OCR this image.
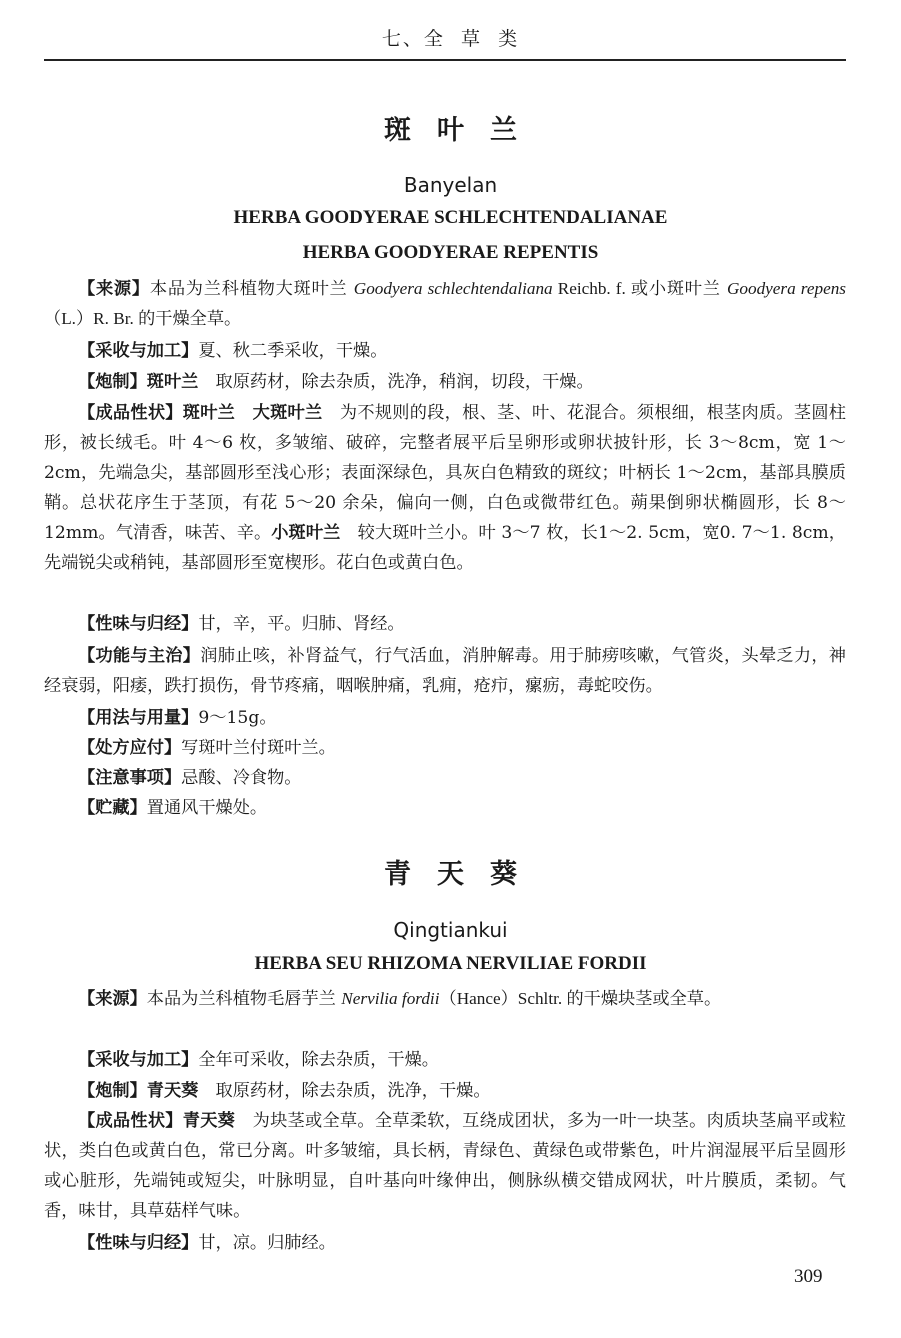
七、全  草  类
斑叶兰
Banyelan
HERBA GOODYERAE SCHLECHTENDALIANAE
HERBA GOODYERAE REPENTIS
【来源】本品为兰科植物大斑叶兰 Goodyera schlechtendaliana Reichb. f. 或小斑叶兰 Goodyera repens（L.）R. Br. 的干燥全草。
【采收与加工】夏、秋二季采收，干燥。
【炮制】斑叶兰　取原药材，除去杂质，洗净，稍润，切段，干燥。
【成品性状】斑叶兰　大斑叶兰　为不规则的段，根、茎、叶、花混合。须根细，根茎肉质。茎圆柱形，被长绒毛。叶 4～6 枚，多皱缩、破碎，完整者展平后呈卵形或卵状披针形，长 3～8cm，宽 1～2cm，先端急尖，基部圆形至浅心形；表面深绿色，具灰白色精致的斑纹；叶柄长 1～2cm，基部具膜质鞘。总状花序生于茎顶，有花 5～20 余朵，偏向一侧，白色或微带红色。蒴果倒卵状椭圆形，长 8～12mm。气清香，味苦、辛。小斑叶兰　较大斑叶兰小。叶 3～7 枚，长1～2. 5cm，宽0. 7～1. 8cm，先端锐尖或稍钝，基部圆形至宽楔形。花白色或黄白色。
【性味与归经】甘，辛，平。归肺、肾经。
【功能与主治】润肺止咳，补肾益气，行气活血，消肿解毒。用于肺痨咳嗽，气管炎，头晕乏力，神经衰弱，阳痿，跌打损伤，骨节疼痛，咽喉肿痛，乳痈，疮疖，瘰疬，毒蛇咬伤。
【用法与用量】9～15g。
【处方应付】写斑叶兰付斑叶兰。
【注意事项】忌酸、冷食物。
【贮藏】置通风干燥处。
青天葵
Qingtiankui
HERBA SEU RHIZOMA NERVILIAE FORDII
【来源】本品为兰科植物毛唇芋兰 Nervilia fordii（Hance）Schltr. 的干燥块茎或全草。
【采收与加工】全年可采收，除去杂质，干燥。
【炮制】青天葵　取原药材，除去杂质，洗净，干燥。
【成品性状】青天葵　为块茎或全草。全草柔软，互绕成团状，多为一叶一块茎。肉质块茎扁平或粒状，类白色或黄白色，常已分离。叶多皱缩，具长柄，青绿色、黄绿色或带紫色，叶片润湿展平后呈圆形或心脏形，先端钝或短尖，叶脉明显，自叶基向叶缘伸出，侧脉纵横交错成网状，叶片膜质，柔韧。气香，味甘，具草菇样气味。
【性味与归经】甘，凉。归肺经。
309
